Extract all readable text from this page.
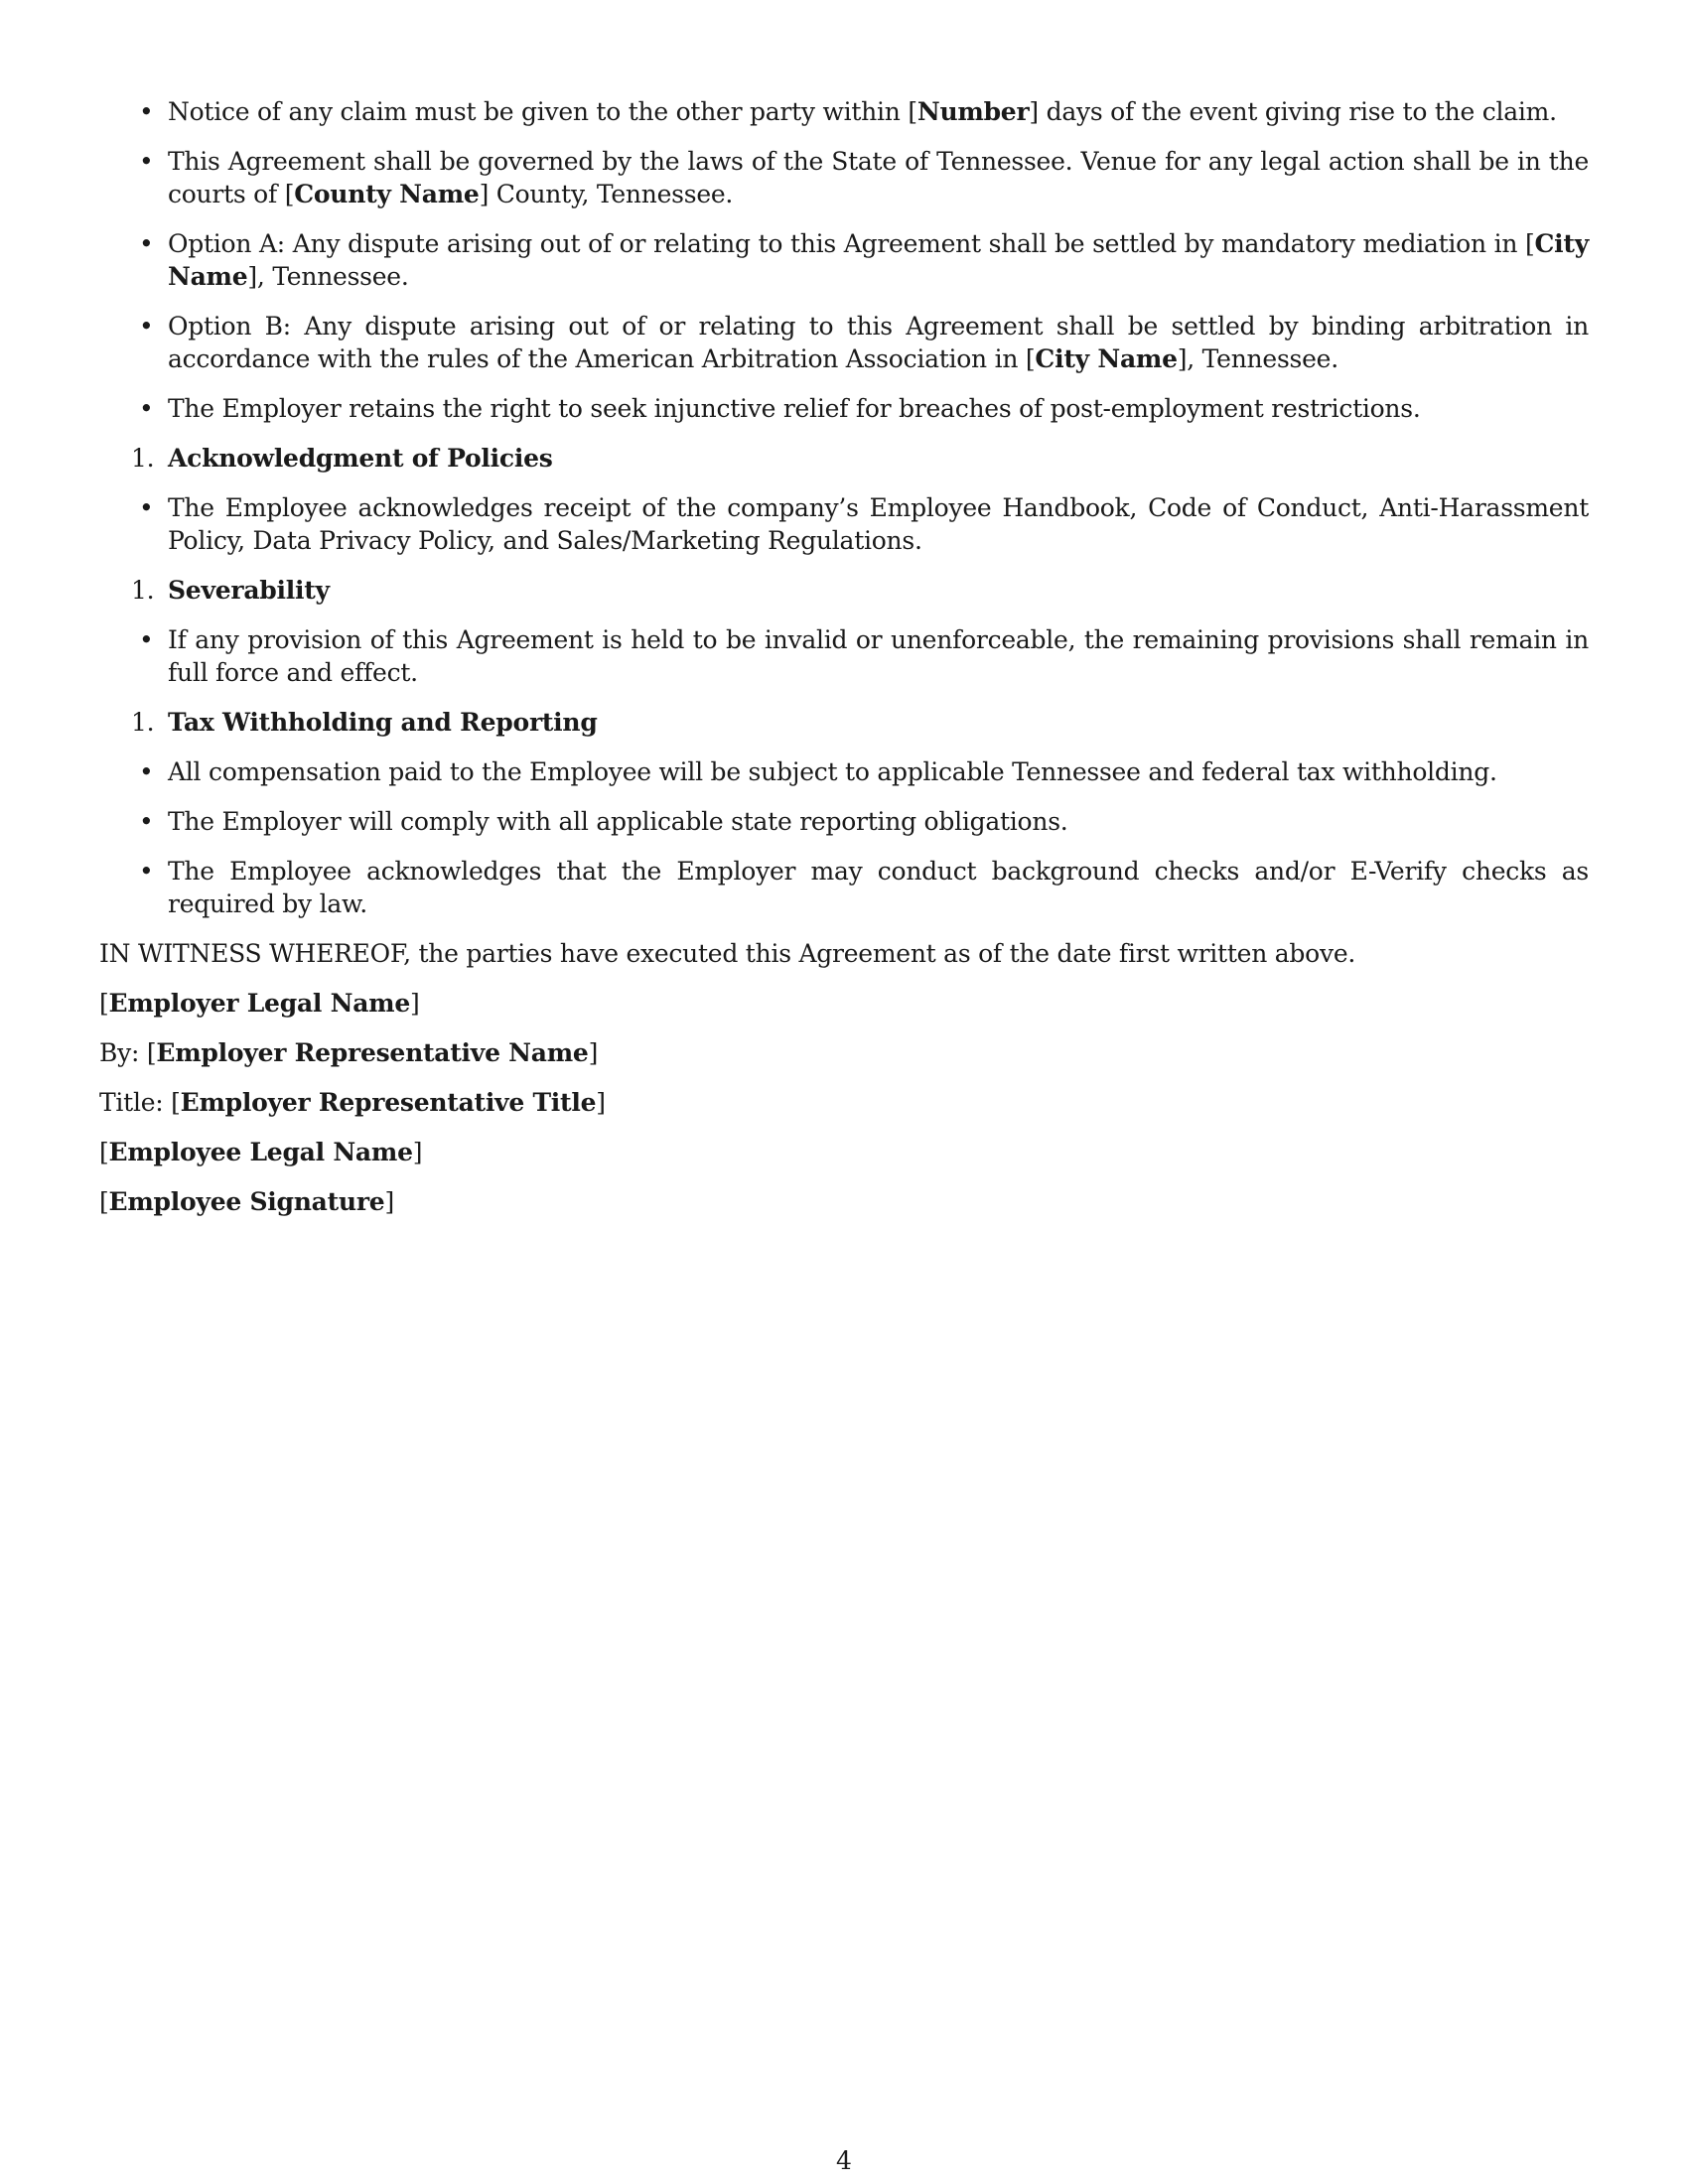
• Notice of any claim must be given to the other party within [Number] days of the event giving rise to the claim.
• This Agreement shall be governed by the laws of the State of Tennessee. Venue for any legal action shall be in the courts of [County Name] County, Tennessee.
• Option A: Any dispute arising out of or relating to this Agreement shall be settled by mandatory mediation in [City Name], Tennessee.
• Option B: Any dispute arising out of or relating to this Agreement shall be settled by binding arbitration in accordance with the rules of the American Arbitration Association in [City Name], Tennessee.
• The Employer retains the right to seek injunctive relief for breaches of post-employment restrictions.
1. Acknowledgment of Policies
• The Employee acknowledges receipt of the company’s Employee Handbook, Code of Conduct, Anti-Harassment Policy, Data Privacy Policy, and Sales/Marketing Regulations.
1. Severability
• If any provision of this Agreement is held to be invalid or unenforceable, the remaining provisions shall remain in full force and effect.
1. Tax Withholding and Reporting
• All compensation paid to the Employee will be subject to applicable Tennessee and federal tax withholding.
• The Employer will comply with all applicable state reporting obligations.
• The Employee acknowledges that the Employer may conduct background checks and/or E-Verify checks as required by law.

IN WITNESS WHEREOF, the parties have executed this Agreement as of the date first written above.

[Employer Legal Name]

By: [Employer Representative Name]

Title: [Employer Representative Title]

[Employee Legal Name]

[Employee Signature]

4
